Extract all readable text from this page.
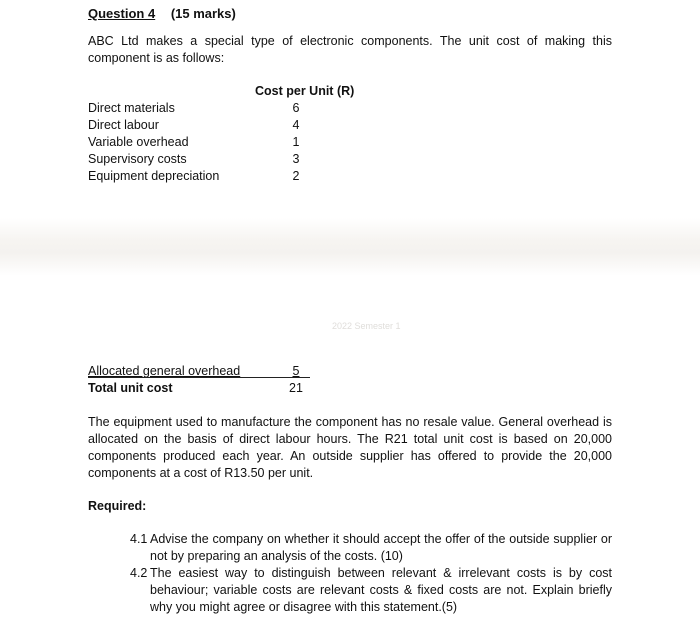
Question 4 (15 marks)
ABC Ltd makes a special type of electronic components. The unit cost of making this component is as follows:
Cost per Unit (R)
Direct materials	6
Direct labour	4
Variable overhead	1
Supervisory costs	3
Equipment depreciation	2
2022 Semester 1
Allocated general overhead	5
Total unit cost	21
The equipment used to manufacture the component has no resale value. General overhead is allocated on the basis of direct labour hours. The R21 total unit cost is based on 20,000 components produced each year. An outside supplier has offered to provide the 20,000 components at a cost of R13.50 per unit.
Required:
4.1 Advise the company on whether it should accept the offer of the outside supplier or not by preparing an analysis of the costs. (10)
4.2 The easiest way to distinguish between relevant & irrelevant costs is by cost behaviour; variable costs are relevant costs & fixed costs are not. Explain briefly why you might agree or disagree with this statement.(5)
